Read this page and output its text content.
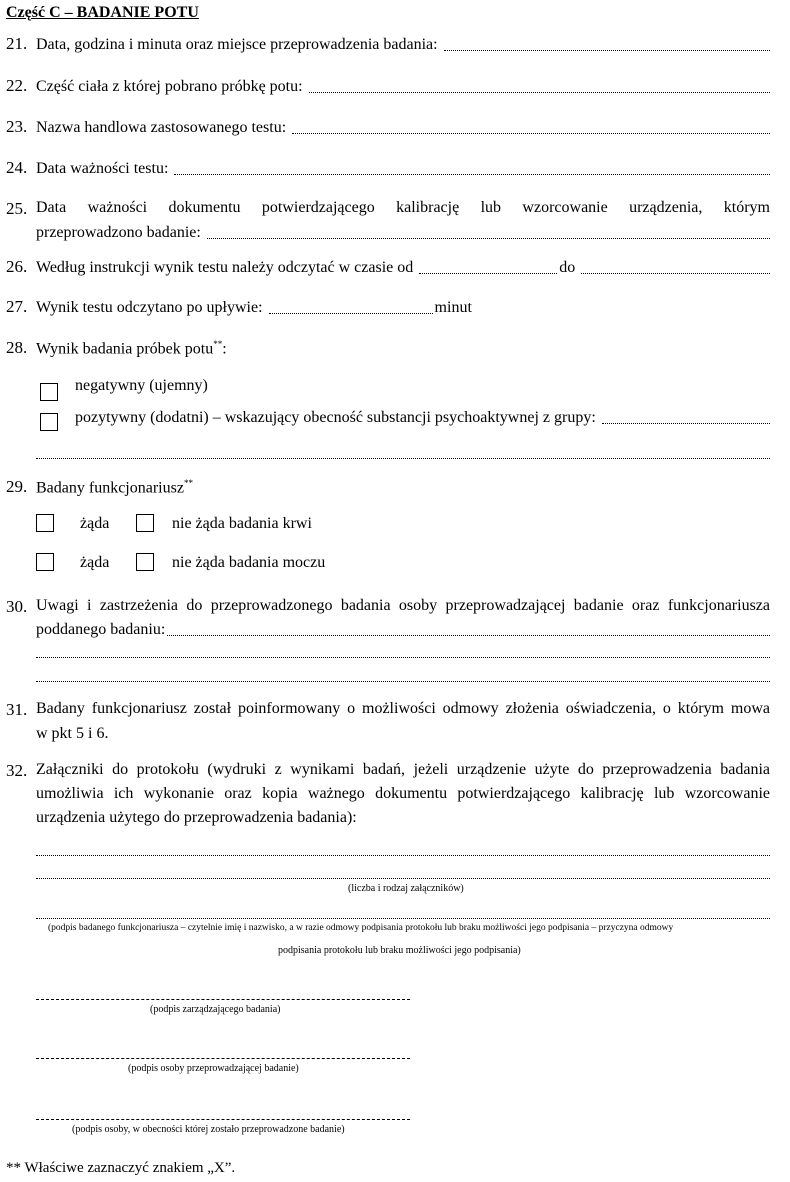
Część C – BADANIE POTU
21. Data, godzina i minuta oraz miejsce przeprowadzenia badania:
22. Część ciała z której pobrano próbkę potu:
23. Nazwa handlowa zastosowanego testu:
24. Data ważności testu:
25. Data ważności dokumentu potwierdzającego kalibrację lub wzorcowanie urządzenia, którym
przeprowadzono badanie:
26. Według instrukcji wynik testu należy odczytać w czasie od	do
27. Wynik testu odczytano po upływie:	minut
28. Wynik badania próbek potu**:
negatywny (ujemny)
pozytywny (dodatni) – wskazujący obecność substancji psychoaktywnej z grupy:
29. Badany funkcjonariusz**
żąda	nie żąda badania krwi
żąda	nie żąda badania moczu
30. Uwagi i zastrzeżenia do przeprowadzonego badania osoby przeprowadzającej badanie oraz funkcjonariusza
poddanego badaniu:
31. Badany funkcjonariusz został poinformowany o możliwości odmowy złożenia oświadczenia, o którym mowa
w pkt 5 i 6.
32. Załączniki do protokołu (wydruki z wynikami badań, jeżeli urządzenie użyte do przeprowadzenia badania
umożliwia ich wykonanie oraz kopia ważnego dokumentu potwierdzającego kalibrację lub wzorcowanie
urządzenia użytego do przeprowadzenia badania):
(liczba i rodzaj załączników)
(podpis badanego funkcjonariusza – czytelnie imię i nazwisko, a w razie odmowy podpisania protokołu lub braku możliwości jego podpisania – przyczyna odmowy
podpisania protokołu lub braku możliwości jego podpisania)
(podpis zarządzającego badania)
(podpis osoby przeprowadzającej badanie)
(podpis osoby, w obecności której zostało przeprowadzone badanie)
** Właściwe zaznaczyć znakiem „X”.
